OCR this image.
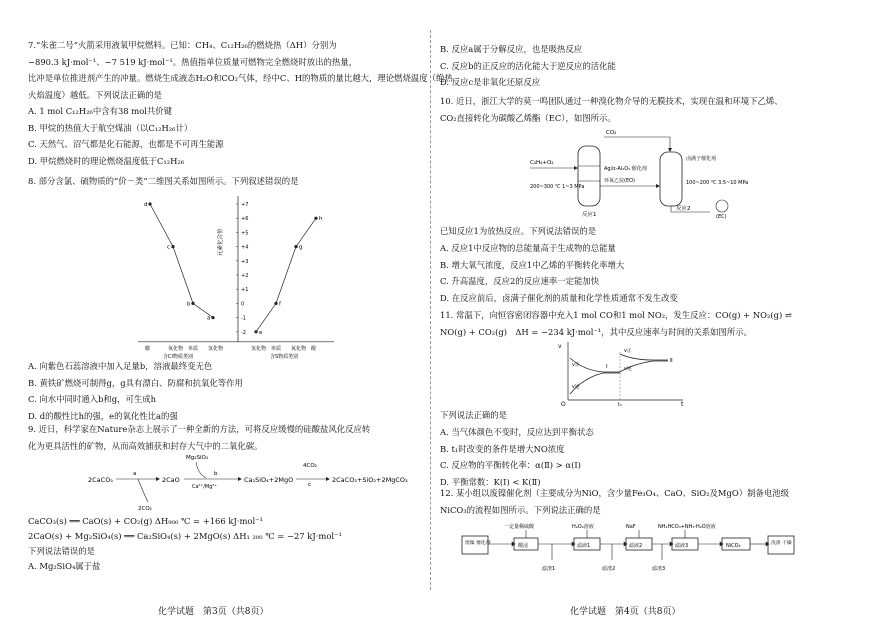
7.“朱雀二号”火箭采用液氧甲烷燃料。已知：CH₄、C₁₂H₂₆的燃烧热（ΔH）分别为
−890.3 kJ·mol⁻¹、−7 519 kJ·mol⁻¹。热值指单位质量可燃物完全燃烧时放出的热量，
比冲是单位推进剂产生的冲量。燃烧生成液态H₂O和CO₂气体，经中C、H的物质的量比越大，理论燃烧温度（绝热
火焰温度）越低。下列说法正确的是
A. 1 mol C₁₂H₂₆中含有38 mol共价键
B. 甲烷的热值大于航空煤油（以C₁₂H₂₆计）
C. 天然气、沼气都是化石能源，也都是不可再生能源
D. 甲烷燃烧时的理论燃烧温度低于C₁₂H₂₆
8. 部分含氯、硫物质的“价－类”二维图关系如图所示。下列叙述错误的是
元素化合价
+7
+6
+5
+4
+3
+2
+1
0
-1
-2
酸	氧化物 单质 氢化物	氢化物 单质 氧化物 酸
含Cl物质类别	含S物质类别
d
c
b
a
e
f
g
h
A. 向紫色石蕊溶液中加入足量b，溶液最终变无色
B. 黄铁矿燃烧可制得g，g具有漂白、防腐和抗氧化等作用
C. 向水中同时通入b和g，可生成h
D. d的酸性比h的强，e的氧化性比a的强
9. 近日，科学家在Nature杂志上展示了一种全新的方法，可将反应缓慢的硅酸盐风化反应转
化为更具活性的矿物，从而高效捕获和封存大气中的二氧化碳。
2CaCO₃
a
2CO₂
2CaO
Mg₂SiO₄
b
Ca²⁺/Mg²⁺
Ca₂SiO₄+2MgO
4CO₂
c
2CaCO₃+SiO₂+2MgCO₃
CaCO₃(s) ══ CaO(s) + CO₂(g) ΔH₉₀₀ ℃ = +166 kJ·mol⁻¹
2CaO(s) + Mg₂SiO₄(s) ══ Ca₂SiO₄(s) + 2MgO(s) ΔH₁ ₂₀₀ ℃ = −27 kJ·mol⁻¹
下列说法错误的是
A. Mg₂SiO₄属于盐
化学试题　第3页（共8页）
B. 反应a属于分解反应，也是吸热反应
C. 反应b的正反应的活化能大于逆反应的活化能
D. 反应c是非氧化还原反应
10. 近日，浙江大学的莫一鸣团队通过一种溴化物介导的无膜技术，实现在温和环境下乙烯、
CO₂直接转化为碳酸乙烯酯（EC），如图所示。
CO₂
C₂H₄+O₂
Ag/α-Al₂O₃ 催化剂
环氧乙烷(EO)
200~300 ℃ 1~3 MPa
反应1
卤满子催化剂
100~200 ℃ 3.5~10 MPa
反应2
(EC)
已知反应1为放热反应。下列说法错误的是
A. 反应1中反应物的总能量高于生成物的总能量
B. 增大氧气浓度，反应1中乙烯的平衡转化率增大
C. 升高温度，反应2的反应速率一定能加快
D. 在反应前后，卤满子催化剂的质量和化学性质通常不发生改变
11. 常温下，向恒容密闭容器中充入1 mol CO和1 mol NO₂，发生反应：CO(g) + NO₂(g) ⇌
NO(g) + CO₂(g)　ΔH = −234 kJ·mol⁻¹，其中反应速率与时间的关系如图所示。
v
t
O
v正
v逆
v正
v逆
Ⅰ
Ⅱ
t₁
下列说法正确的是
A. 当气体颜色不变时，反应达到平衡状态
B. t₁时改变的条件是增大NO浓度
C. 反应物的平衡转化率：α(Ⅱ) > α(Ⅰ)
D. 平衡常数：K(Ⅰ) < K(Ⅱ)
12. 某小组以废镍催化剂（主要成分为NiO，含少量Fe₃O₄、CaO、SiO₂及MgO）制备电池级
NiCO₃的流程如图所示。下列说法正确的是
一定量稀硫酸	H₂O₂溶液	NaF	NH₄HCO₃+NH₃·H₂O溶液
废镍 催化剂	酸浸	滤液1	滤液2	滤液3	NiCO₃	洗涤 干燥
滤渣1	滤渣2	滤渣3
化学试题　第4页（共8页）
